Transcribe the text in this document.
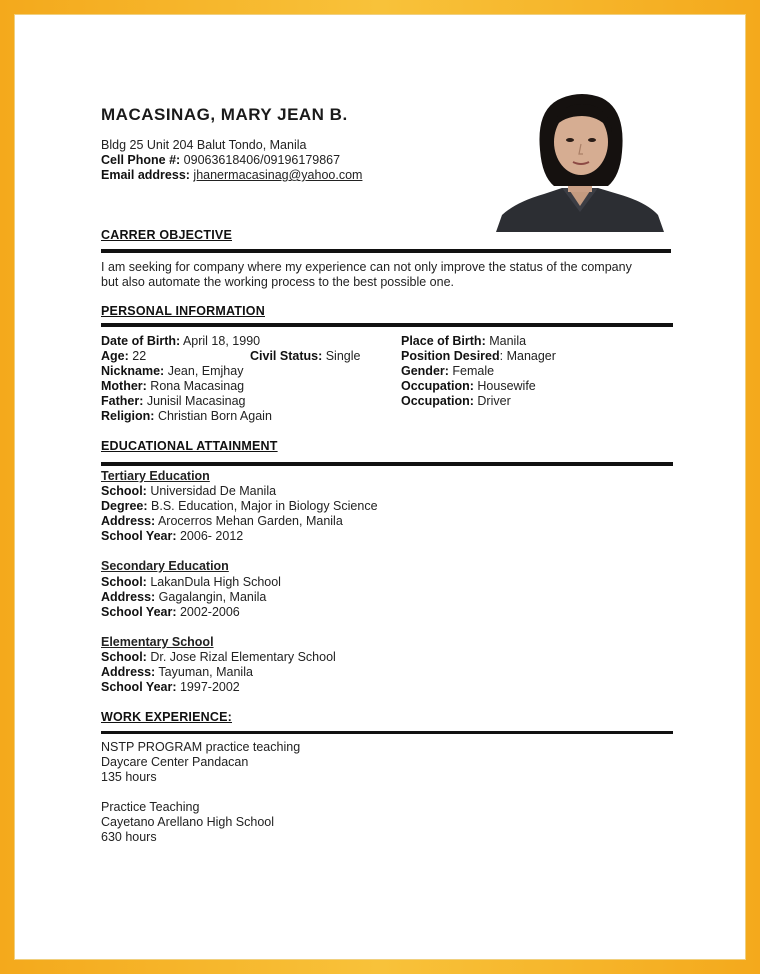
MACASINAG, MARY JEAN B.
Bldg 25 Unit 204 Balut Tondo, Manila
Cell Phone #: 09063618406/09196179867
Email address: jhanermacasinag@yahoo.com
CARRER OBJECTIVE
I am seeking for company where my experience can not only improve the status of the company
but also automate the working process to the best possible one.
PERSONAL INFORMATION
Date of Birth: April 18, 1990
Age: 22	Civil Status: Single
Nickname: Jean, Emjhay
Mother: Rona Macasinag
Father: Junisil Macasinag
Religion: Christian Born Again
Place of Birth: Manila
Position Desired: Manager
Gender: Female
Occupation: Housewife
Occupation: Driver
EDUCATIONAL ATTAINMENT
Tertiary Education
School: Universidad De Manila
Degree: B.S. Education, Major in Biology Science
Address: Arocerros Mehan Garden, Manila
School Year: 2006- 2012
Secondary Education
School: LakanDula High School
Address: Gagalangin, Manila
School Year: 2002-2006
Elementary School
School: Dr. Jose Rizal Elementary School
Address: Tayuman, Manila
School Year: 1997-2002
WORK EXPERIENCE:
NSTP PROGRAM practice teaching
Daycare Center Pandacan
135 hours
Practice Teaching
Cayetano Arellano High School
630 hours
